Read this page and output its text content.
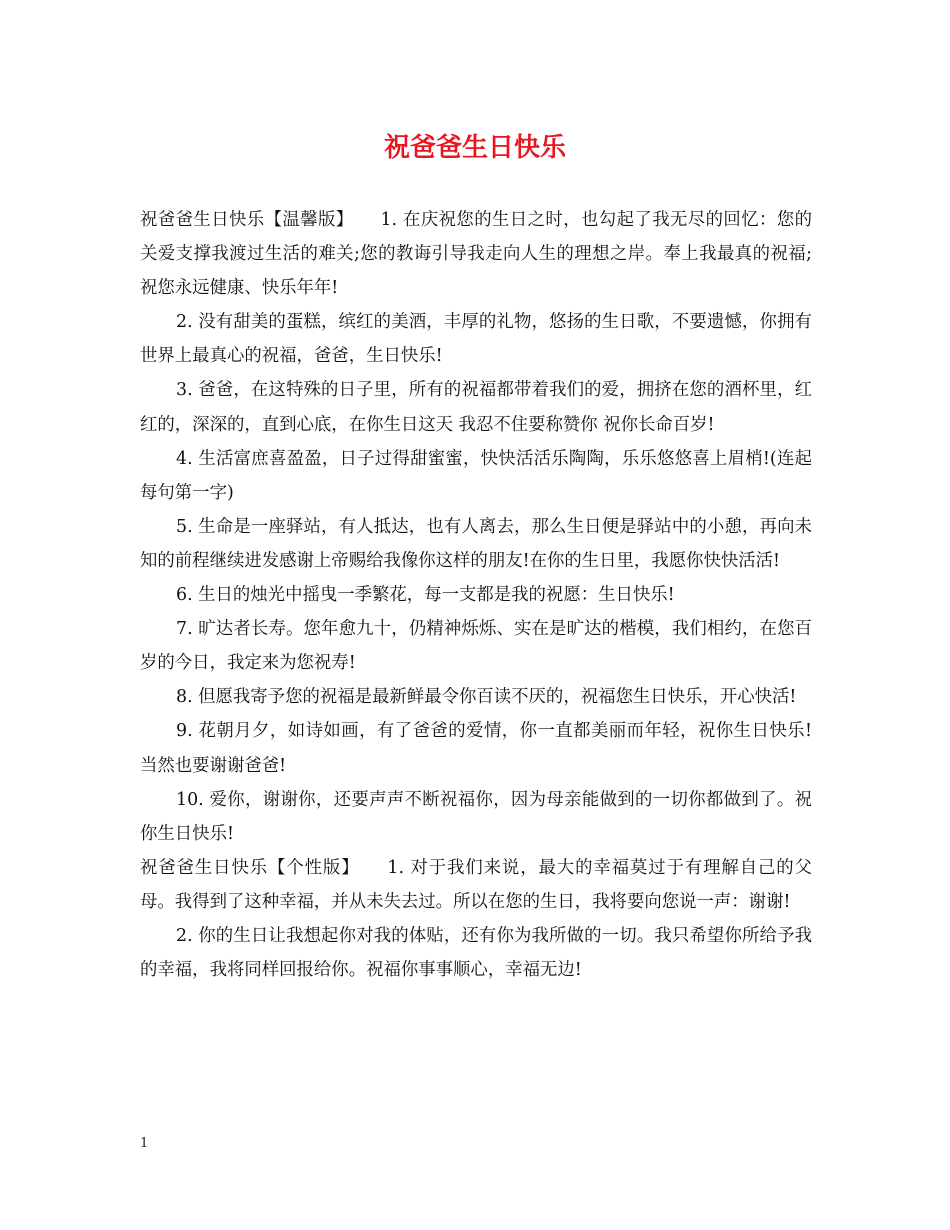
祝爸爸生日快乐

祝爸爸生日快乐【温馨版】　　1. 在庆祝您的生日之时，也勾起了我无尽的回忆：您的关爱支撑我渡过生活的难关;您的教诲引导我走向人生的理想之岸。奉上我最真的祝福;祝您永远健康、快乐年年!

2. 没有甜美的蛋糕，缤红的美酒，丰厚的礼物，悠扬的生日歌，不要遗憾，你拥有世界上最真心的祝福，爸爸，生日快乐!

3. 爸爸，在这特殊的日子里，所有的祝福都带着我们的爱，拥挤在您的酒杯里，红红的，深深的，直到心底，在你生日这天 我忍不住要称赞你 祝你长命百岁!

4. 生活富庶喜盈盈，日子过得甜蜜蜜，快快活活乐陶陶，乐乐悠悠喜上眉梢!(连起每句第一字)

5. 生命是一座驿站，有人抵达，也有人离去，那么生日便是驿站中的小憩，再向未知的前程继续进发感谢上帝赐给我像你这样的朋友!在你的生日里，我愿你快快活活!

6. 生日的烛光中摇曳一季繁花，每一支都是我的祝愿：生日快乐!

7. 旷达者长寿。您年愈九十，仍精神烁烁、实在是旷达的楷模，我们相约，在您百岁的今日，我定来为您祝寿!

8. 但愿我寄予您的祝福是最新鲜最令你百读不厌的，祝福您生日快乐，开心快活!

9. 花朝月夕，如诗如画，有了爸爸的爱情，你一直都美丽而年轻，祝你生日快乐!当然也要谢谢爸爸!

10. 爱你，谢谢你，还要声声不断祝福你，因为母亲能做到的一切你都做到了。祝你生日快乐!

祝爸爸生日快乐【个性版】　　1. 对于我们来说，最大的幸福莫过于有理解自己的父母。我得到了这种幸福，并从未失去过。所以在您的生日，我将要向您说一声：谢谢!

2. 你的生日让我想起你对我的体贴，还有你为我所做的一切。我只希望你所给予我的幸福，我将同样回报给你。祝福你事事顺心，幸福无边!

1
